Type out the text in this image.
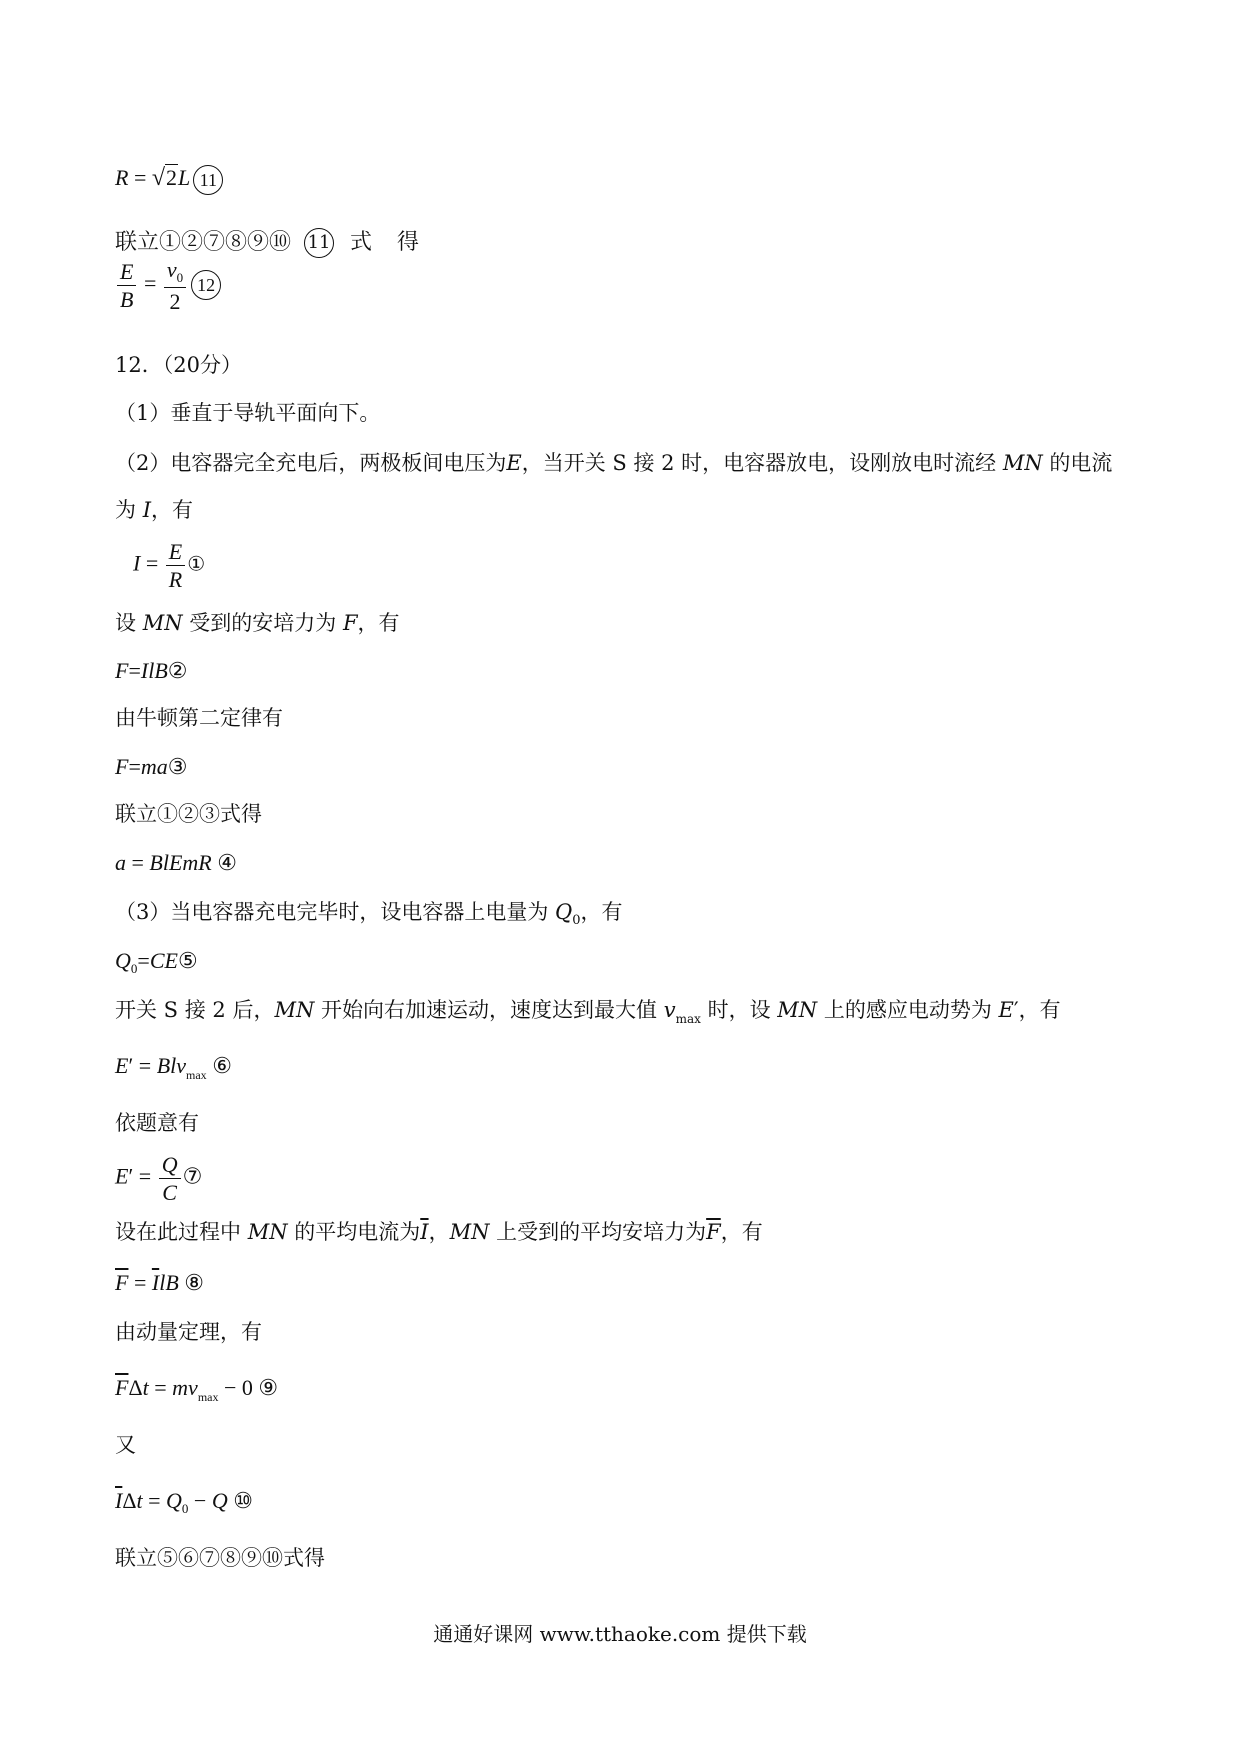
R = √2L 11
联立①②⑦⑧⑨⑩ 11 式 得
$\frac{E}{B} = \frac{v_0}{2} 12$
12．（20分）
（1）垂直于导轨平面向下。
（2）电容器完全充电后，两极板间电压为E，当开关 S 接 2 时，电容器放电，设刚放电时流经 MN 的电流
为 I，有
$I = \frac{E}{R}$ ①
设 MN 受到的安培力为 F，有
F=IlB②
由牛顿第二定律有
F=ma③
联立①②③式得
a = BlEmR ④
（3）当电容器充电完毕时，设电容器上电量为 $Q_0$，有
$Q_0=CE⑤$
开关 S 接 2 后，MN 开始向右加速运动，速度达到最大值 $v_{max}$ 时，设 MN 上的感应电动势为 E′，有
E′ = Blv$_{max}$ ⑥
依题意有
$E' = \frac{Q}{C}$ ⑦
设在此过程中 MN 的平均电流为$\overline{I}$，MN 上受到的平均安培力为$\overline{F}$，有
$\overline{F} = \overline{I}lB$ ⑧
由动量定理，有
$\overline{F}\Delta t = mv_{max} - 0$ ⑨
又
$\overline{I}\Delta t = Q_0 - Q$ ⑩
联立⑤⑥⑦⑧⑨⑩式得
通通好课网 www.tthaoke.com 提供下载
